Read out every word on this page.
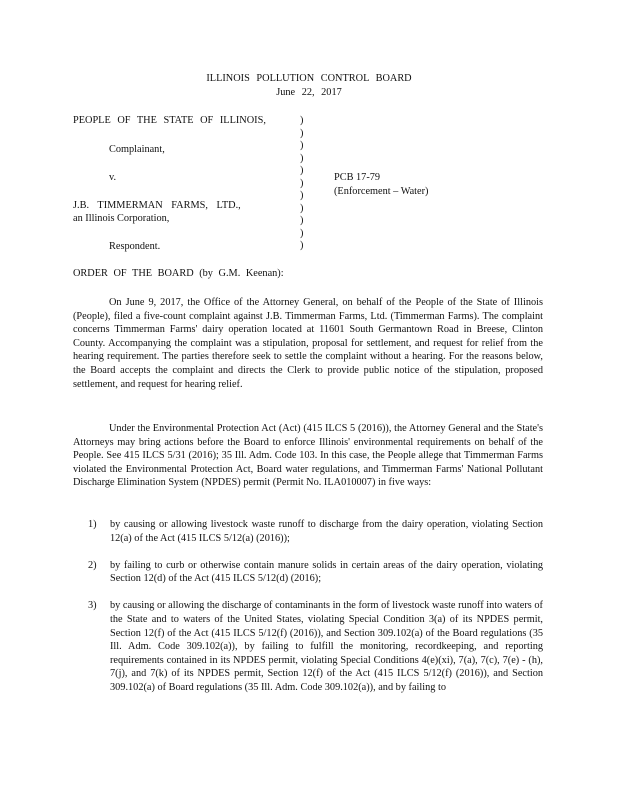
ILLINOIS POLLUTION CONTROL BOARD
June 22, 2017
PEOPLE OF THE STATE OF ILLINOIS,
Complainant,
v.	PCB 17-79
(Enforcement – Water)
J.B. TIMMERMAN FARMS, LTD.,
an Illinois Corporation,
Respondent.
)
)
)
)
)
)
)
)
)
)
)
ORDER OF THE BOARD (by G.M. Keenan):

On June 9, 2017, the Office of the Attorney General, on behalf of the People of the State of Illinois (People), filed a five-count complaint against J.B. Timmerman Farms, Ltd. (Timmerman Farms). The complaint concerns Timmerman Farms' dairy operation located at 11601 South Germantown Road in Breese, Clinton County. Accompanying the complaint was a stipulation, proposal for settlement, and request for relief from the hearing requirement. The parties therefore seek to settle the complaint without a hearing. For the reasons below, the Board accepts the complaint and directs the Clerk to provide public notice of the stipulation, proposed settlement, and request for hearing relief.

Under the Environmental Protection Act (Act) (415 ILCS 5 (2016)), the Attorney General and the State's Attorneys may bring actions before the Board to enforce Illinois' environmental requirements on behalf of the People. See 415 ILCS 5/31 (2016); 35 Ill. Adm. Code 103. In this case, the People allege that Timmerman Farms violated the Environmental Protection Act, Board water regulations, and Timmerman Farms' National Pollutant Discharge Elimination System (NPDES) permit (Permit No. ILA010007) in five ways:

1) by causing or allowing livestock waste runoff to discharge from the dairy operation, violating Section 12(a) of the Act (415 ILCS 5/12(a) (2016));
2) by failing to curb or otherwise contain manure solids in certain areas of the dairy operation, violating Section 12(d) of the Act (415 ILCS 5/12(d) (2016);
3) by causing or allowing the discharge of contaminants in the form of livestock waste runoff into waters of the State and to waters of the United States, violating Special Condition 3(a) of its NPDES permit, Section 12(f) of the Act (415 ILCS 5/12(f) (2016)), and Section 309.102(a) of the Board regulations (35 Ill. Adm. Code 309.102(a)), by failing to fulfill the monitoring, recordkeeping, and reporting requirements contained in its NPDES permit, violating Special Conditions 4(e)(xi), 7(a), 7(c), 7(e) - (h), 7(j), and 7(k) of its NPDES permit, Section 12(f) of the Act (415 ILCS 5/12(f) (2016)), and Section 309.102(a) of Board regulations (35 Ill. Adm. Code 309.102(a)), and by failing to
